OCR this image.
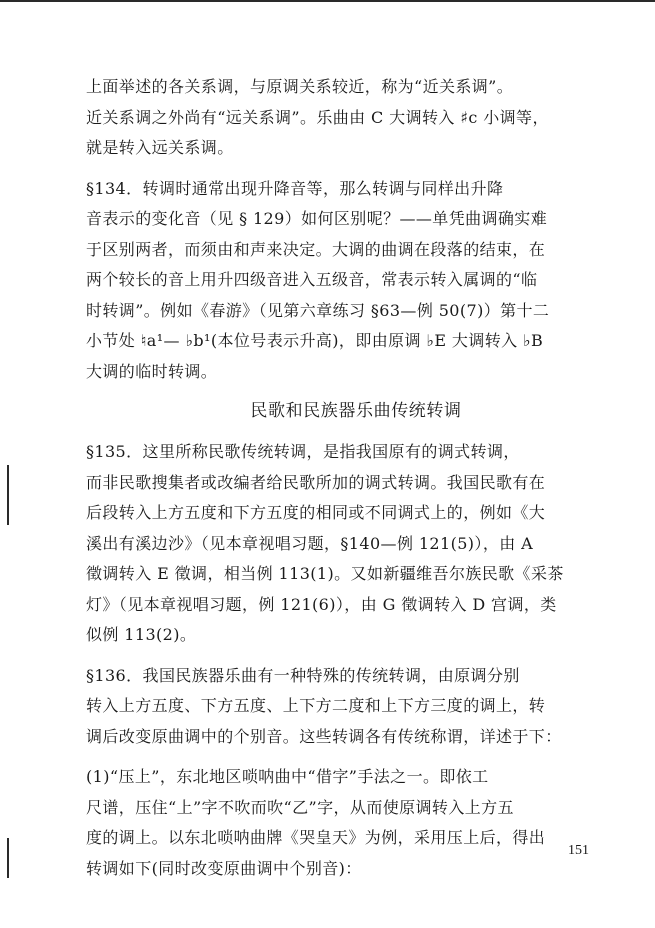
上面举述的各关系调，与原调关系较近，称为“近关系调”。

近关系调之外尚有“远关系调”。乐曲由 C 大调转入 ♯c 小调等，

就是转入远关系调。

§134．转调时通常出现升降音等，那么转调与同样出升降

音表示的变化音（见 § 129）如何区别呢？——单凭曲调确实难

于区别两者，而须由和声来决定。大调的曲调在段落的结束，在

两个较长的音上用升四级音进入五级音，常表示转入属调的“临

时转调”。例如《春游》（见第六章练习 §63—例 50(7)）第十二

小节处 ♮a¹— ♭b¹(本位号表示升高)，即由原调 ♭E 大调转入 ♭B

大调的临时转调。

民歌和民族器乐曲传统转调

§135．这里所称民歌传统转调，是指我国原有的调式转调，

而非民歌搜集者或改编者给民歌所加的调式转调。我国民歌有在

后段转入上方五度和下方五度的相同或不同调式上的，例如《大

溪出有溪边沙》（见本章视唱习题，§140—例 121(5)），由 A

徵调转入 E 徵调，相当例 113(1)。又如新疆维吾尔族民歌《采茶

灯》（见本章视唱习题，例 121(6)），由 G 徵调转入 D 宫调，类

似例 113(2)。

§136．我国民族器乐曲有一种特殊的传统转调，由原调分别

转入上方五度、下方五度、上下方二度和上下方三度的调上，转

调后改变原曲调中的个别音。这些转调各有传统称谓，详述于下：

(1)“压上”，东北地区唢呐曲中“借字”手法之一。即依工

尺谱，压住“上”字不吹而吹“乙”字，从而使原调转入上方五

度的调上。以东北唢呐曲牌《哭皇天》为例，采用压上后，得出

转调如下(同时改变原曲调中个别音)：

151
